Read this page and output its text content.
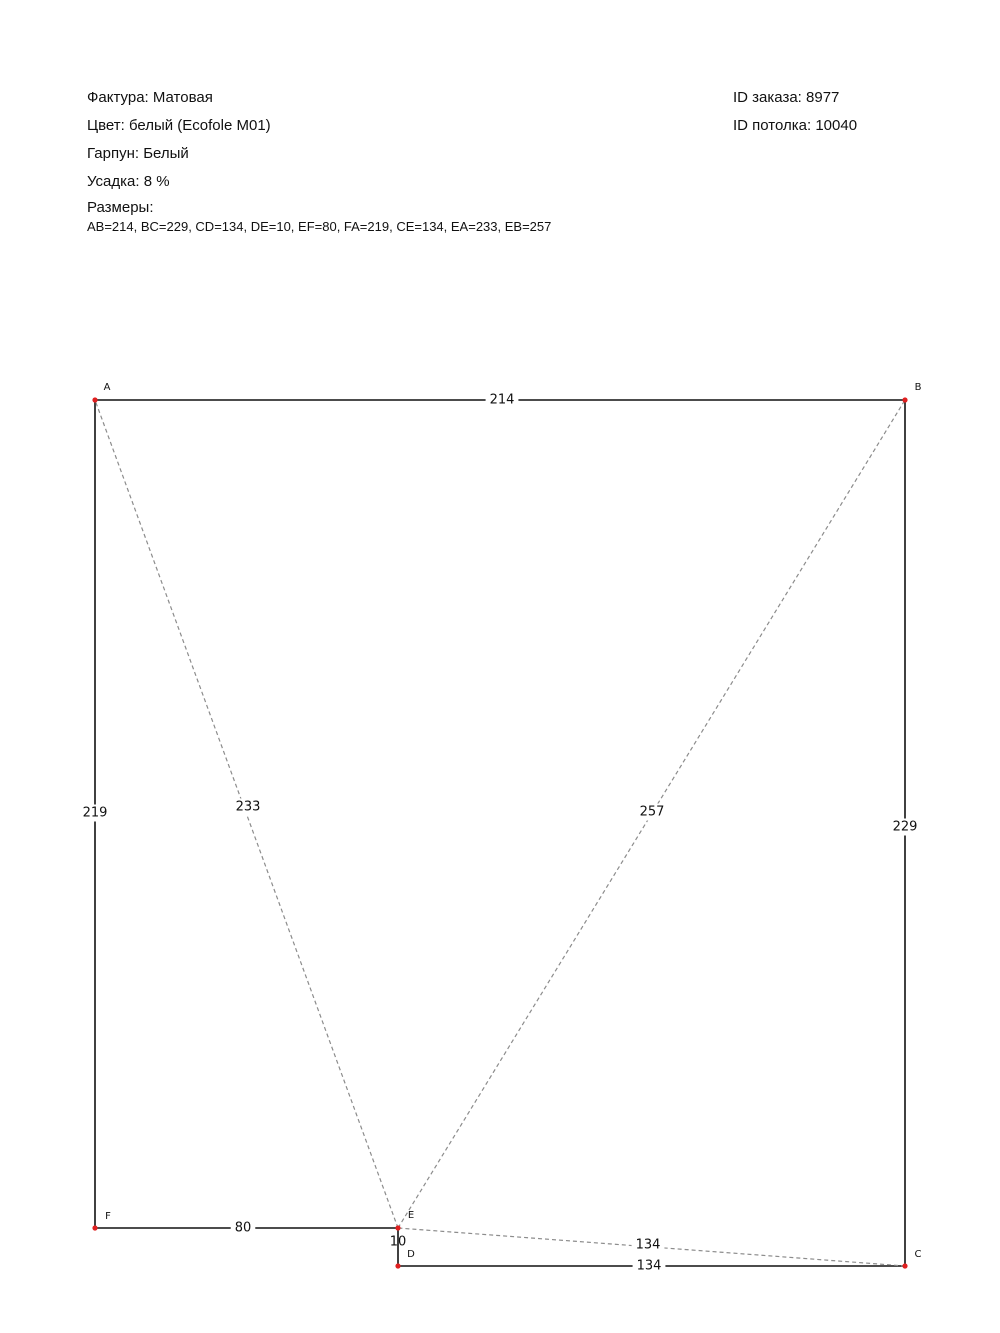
Фактура: Матовая
Цвет: белый (Ecofole M01)
Гарпун: Белый
Усадка: 8 %
Размеры:
AB=214, BC=229, CD=134, DE=10, EF=80, FA=219, CE=134, EA=233, EB=257
ID заказа: 8977
ID потолка: 10040
214
229
134
10
80
219
134
233	257
A	B
C
D
E
F
